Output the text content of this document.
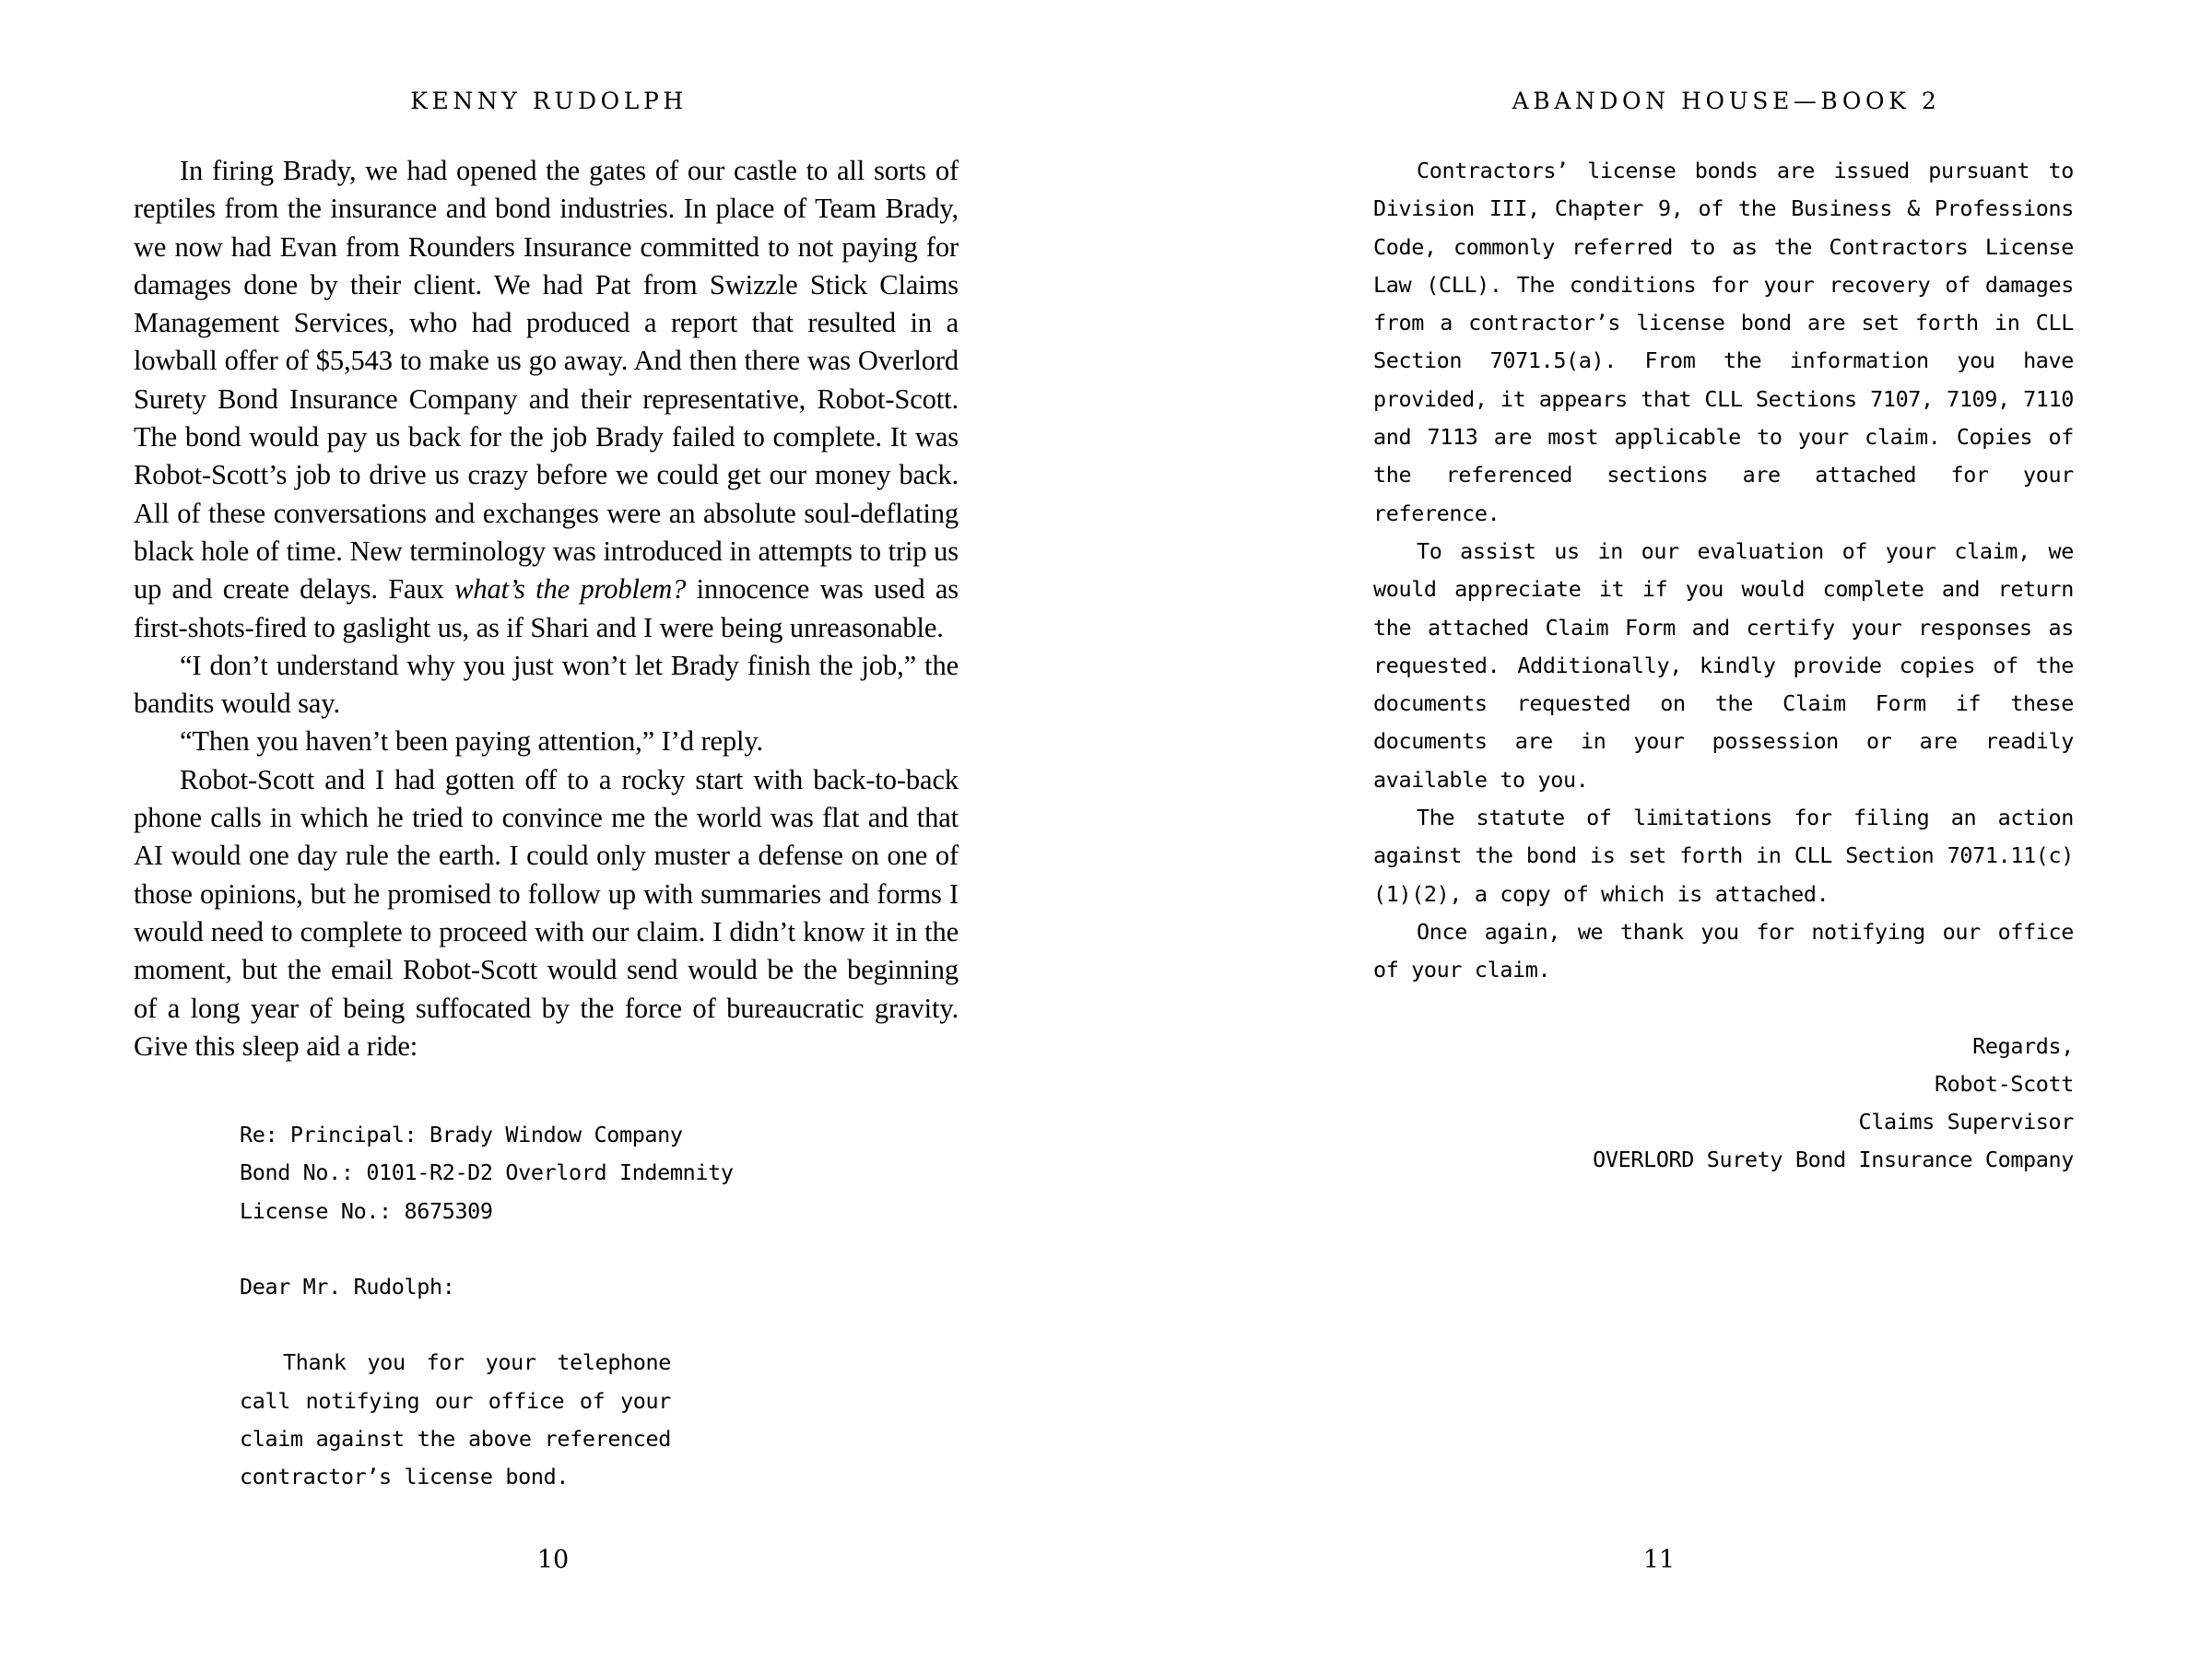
KENNY RUDOLPH

In firing Brady, we had opened the gates of our castle to all sorts of reptiles from the insurance and bond industries. In place of Team Brady, we now had Evan from Rounders Insurance committed to not paying for damages done by their client. We had Pat from Swizzle Stick Claims Management Services, who had produced a report that resulted in a lowball offer of $5,543 to make us go away. And then there was Overlord Surety Bond Insurance Company and their representative, Robot-Scott. The bond would pay us back for the job Brady failed to complete. It was Robot-Scott’s job to drive us crazy before we could get our money back. All of these conversations and exchanges were an absolute soul-deflating black hole of time. New terminology was introduced in attempts to trip us up and create delays. Faux what’s the problem? innocence was used as first-shots-fired to gaslight us, as if Shari and I were being unreasonable.

“I don’t understand why you just won’t let Brady finish the job,” the bandits would say.

“Then you haven’t been paying attention,” I’d reply.

Robot-Scott and I had gotten off to a rocky start with back-to-back phone calls in which he tried to convince me the world was flat and that AI would one day rule the earth. I could only muster a defense on one of those opinions, but he promised to follow up with summaries and forms I would need to complete to proceed with our claim. I didn’t know it in the moment, but the email Robot-Scott would send would be the beginning of a long year of being suffocated by the force of bureaucratic gravity. Give this sleep aid a ride:

Re: Principal: Brady Window Company

Bond No.: 0101-R2-D2 Overlord Indemnity

License No.: 8675309

Dear Mr. Rudolph:

Thank you for your telephone call notifying our office of your claim against the above referenced contractor’s license bond.

10
ABANDON HOUSE—BOOK 2

Contractors’ license bonds are issued pursuant to Division III, Chapter 9, of the Business & Professions Code, commonly referred to as the Contractors License Law (CLL). The conditions for your recovery of damages from a contractor’s license bond are set forth in CLL Section 7071.5(a). From the information you have provided, it appears that CLL Sections 7107, 7109, 7110 and 7113 are most applicable to your claim. Copies of the referenced sections are attached for your reference.

To assist us in our evaluation of your claim, we would appreciate it if you would complete and return the attached Claim Form and certify your responses as requested. Additionally, kindly provide copies of the documents requested on the Claim Form if these documents are in your possession or are readily available to you.

The statute of limitations for filing an action against the bond is set forth in CLL Section 7071.11(c)(1)(2), a copy of which is attached.

Once again, we thank you for notifying our office of your claim.

Regards,

Robot-Scott

Claims Supervisor

OVERLORD Surety Bond Insurance Company

11
